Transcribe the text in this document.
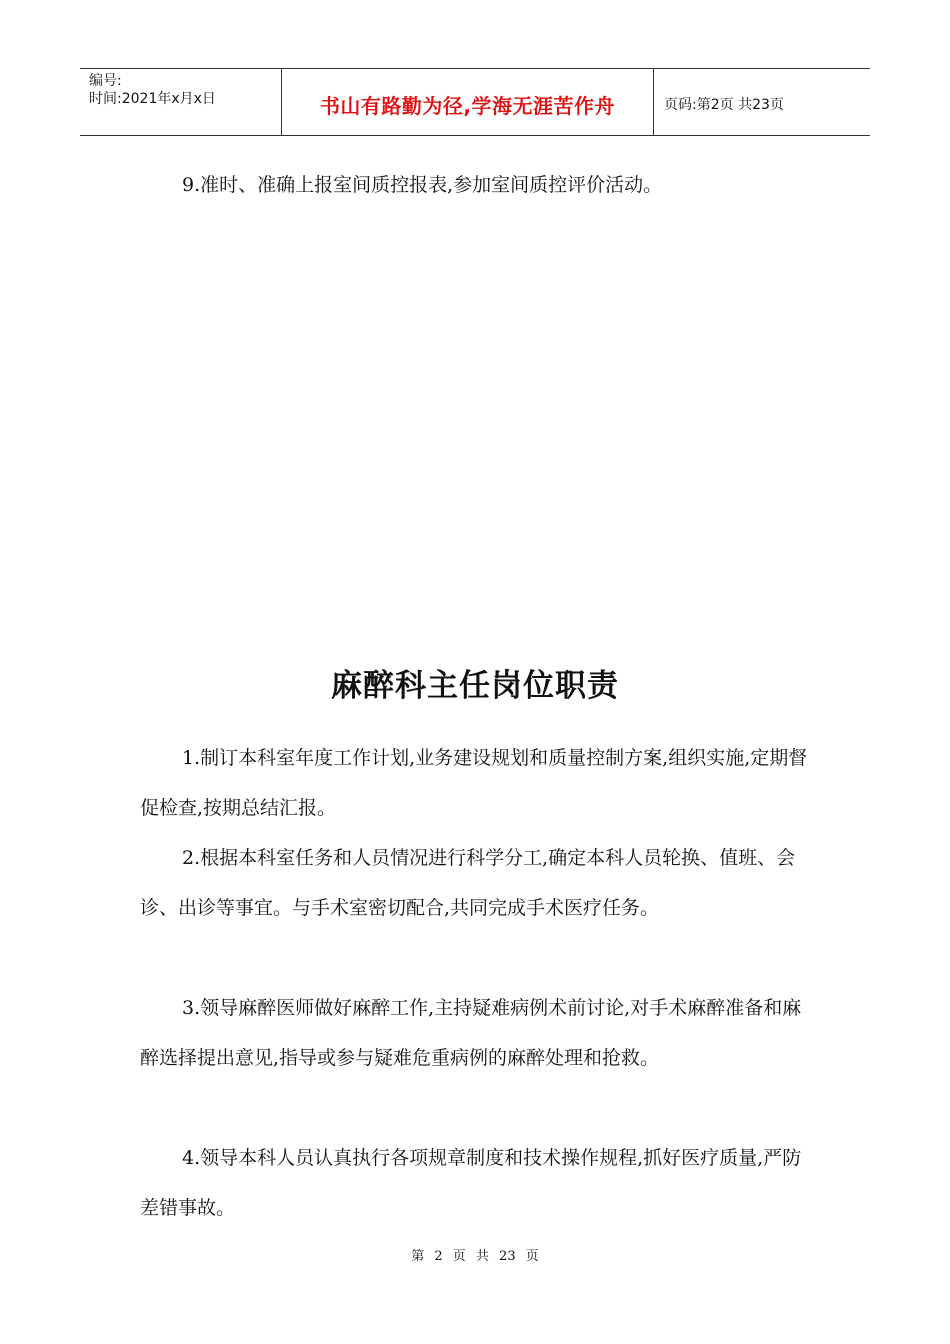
编号:
时间:2021年x月x日	书山有路勤为径,学海无涯苦作舟	页码:第2页 共23页

9.准时、准确上报室间质控报表,参加室间质控评价活动。

麻醉科主任岗位职责

1.制订本科室年度工作计划,业务建设规划和质量控制方案,组织实施,定期督促检查,按期总结汇报。

2.根据本科室任务和人员情况进行科学分工,确定本科人员轮换、值班、会诊、出诊等事宜。与手术室密切配合,共同完成手术医疗任务。

3.领导麻醉医师做好麻醉工作,主持疑难病例术前讨论,对手术麻醉准备和麻醉选择提出意见,指导或参与疑难危重病例的麻醉处理和抢救。

4.领导本科人员认真执行各项规章制度和技术操作规程,抓好医疗质量,严防差错事故。

第 2 页 共 23 页
